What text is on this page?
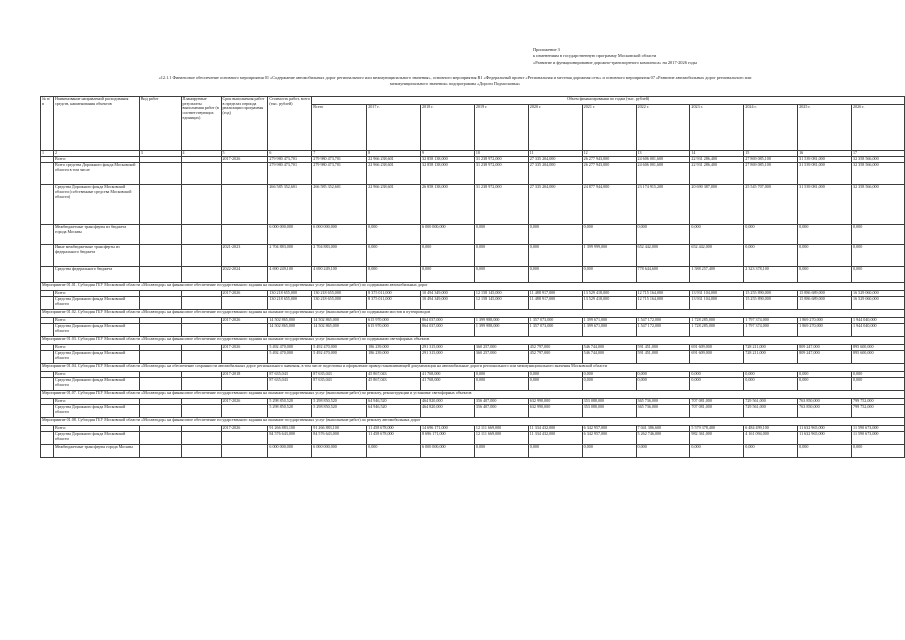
Приложение 3
к изменениям в государственную программу Московской области
«Развитие и функционирование дорожно-транспортного комплекса» на 2017-2026 годы
«12.1.1 Финансовое обеспечение основного мероприятия 01 «Содержание автомобильных дорог регионального или межмуниципального значения», основного мероприятия R1 «Федеральный проект «Региональная и местная дорожная сеть» и основного мероприятия 07 «Развитие автомобильных дорог регионального или
межмуниципального значения» подпрограммы «Дороги Подмосковья»
№ п/п	Наименование направлений расходования средств, наименования объектов	Вид работ	Планируемые результаты выполнения работ (в соответствующих единицах)	Срок выполнения работ в пределах периода реализации программы (год)	Стоимость работ, всего (тыс. рублей)	Объем финансирования по годам (тыс. рублей)										
						Всего	2017 г.	2018 г.	2019 г.	2020 г.	2021 г.	2022 г.	2023 г.	2024 г.	2025 г.	2026 г.
1	2	3	4	5	6	7	8	9	10	11	12	13	14	15	16	17
	Всего:			2017-2026	279 980 473,701	279 980 473,701	22 966 238,601	32 858 138,000	31 238 972,000	27 335 204,000	26 277 943,000	24 606 001,600	22 931 286,400	27 869 085,100	31 539 081,000	32 358 566,000
	Всего средства Дорожного фонда Московской области в том числе				279 980 473,701	279 980 473,701	22 966 238,601	32 858 138,000	31 238 972,000	27 335 204,000	26 277 943,000	24 606 001,600	22 931 286,400	27 869 085,100	31 539 081,000	32 358 566,000
	Средства Дорожного фонда Московской области (собственные средства Московской области)				266 585 352,601	266 585 352,601	22 966 238,601	26 858 138,000	31 238 972,000	27 335 204,000	24 877 944,000	23 174 915,200	20 690 387,000	25 545 707,000	31 539 081,000	32 358 566,000
	Межбюджетные трансферты из бюджета города Москвы				6 000 000,000	6 000 000,000	0,000	6 000 000,000	0,000	0,000	0,000	0,000	0,000	0,000	0,000	0,000
	Иные межбюджетные трансферты из федерального бюджета			2021-2023	2 704 883,000	2 704 883,000	0,000	0,000	0,000	0,000	1 399 999,000	652 442,000	652 442,000	0,000	0,000	0,000
	Средства федерального бюджета			2022-2024	4 690 249,100	4 690 249,100	0,000	0,000	0,000	0,000	0,000	778 644,600	1 588 257,400	2 323 378,100	0,000	0,000
Мероприятие 01.01. Субсидия ГБУ Московской области «Мосавтодор» на финансовое обеспечение государственного задания на оказание государственных услуг (выполнение работ) по содержанию автомобильных дорог																
	Всего:			2017-2026	130 218 655,000	130 218 655,000	8 375 011,000	10 494 349,000	12 158 145,000	11 488 917,000	13 529 418,000	12 715 164,000	13 931 104,000	15 255 890,000	15 886 689,000	16 529 060,000
	Средства Дорожного фонда Московской области				130 218 655,000	130 218 655,000	8 375 011,000	10 494 349,000	12 158 145,000	11 488 917,000	13 529 418,000	12 715 164,000	13 931 104,000	15 255 890,000	15 886 689,000	16 529 060,000
Мероприятие 01.02. Субсидия ГБУ Московской области «Мосавтодор» на финансовое обеспечение государственного задания на оказание государственных услуг (выполнение работ) по содержанию мостов и путепроводов																
	Всего:			2017-2026	14 502 865,000	14 502 865,000	615 970,000	864 037,000	1 399 988,000	1 357 073,000	1 399 671,000	1 547 172,000	1 728 285,000	1 797 374,000	1 869 270,000	1 944 040,000
	Средства Дорожного фонда Московской области				14 502 865,000	14 502 865,000	615 970,000	864 037,000	1 399 988,000	1 357 073,000	1 399 671,000	1 547 172,000	1 728 285,000	1 797 374,000	1 869 270,000	1 944 040,000
Мероприятие 01.03. Субсидия ГБУ Московской области «Мосавтодор» на финансовое обеспечение государственного задания на оказание государственных услуг (выполнение работ) по содержанию светофорных объектов																
	Всего:			2017-2026	5 492 470,000	5 492 470,000	186 239,000	291 315,000	360 257,000	452 797,000	546 744,000	591 451,000	691 609,000	728 211,000	809 247,000	895 600,000
	Средства Дорожного фонда Московской области				5 492 470,000	5 492 470,000	186 239,000	291 315,000	360 257,000	452 797,000	546 744,000	591 451,000	691 609,000	728 211,000	809 247,000	895 600,000
Мероприятие 01.04. Субсидия ГБУ Московской области «Мосавтодор» на обеспечение сохранности автомобильных дорог регионального значения, в том числе подготовка и оформление правоустанавливающей документации на автомобильные дороги регионального или межмуниципального значения Московской области																
	Всего:			2017-2018	87 635,043	87 635,043	45 867,043	41 768,000	0,000	0,000	0,000	0,000	0,000	0,000	0,000	0,000
	Средства Дорожного фонда Московской области				87 635,043	87 635,043	45 867,043	41 768,000	0,000	0,000	0,000	0,000	0,000	0,000	0,000	0,000
Мероприятие 01.07. Субсидия ГБУ Московской области «Мосавтодор» на финансовое обеспечение государственного задания на оказание государственных услуг (выполнение работ) по ремонту, реконструкции и установке светофорных объектов																
	Всего:			2017-2026	5 298 850,520	5 298 850,520	64 946,520	464 820,000	356 407,000	632 990,000	353 088,000	365 736,000	707 081,000	729 561,000	763 850,000	799 752,000
	Средства Дорожного фонда Московской области				5 298 850,520	5 298 850,520	64 946,520	464 820,000	356 407,000	632 990,000	353 088,000	365 736,000	707 081,000	729 561,000	763 850,000	799 752,000
Мероприятие 01.08. Субсидия ГБУ Московской области «Мосавтодор» на финансовое обеспечение государственного задания на оказание государственных услуг (выполнение работ) по ремонту автомобильных дорог																
	Всего:			2017-2026	91 266 883,100	91 266 883,100	11 458 678,000	14 696 171,000	12 111 669,000	11 334 432,000	6 342 957,000	7 041 386,600	5 579 378,400	6 484 499,100	11 632 965,000	11 590 673,000
	Средства Дорожного фонда Московской области				84 576 643,000	84 576 643,000	11 458 678,000	8 696 171,000	12 111 669,000	11 334 432,000	6 342 957,000	5 262 746,000	982 361,000	4 161 094,000	11 632 965,000	11 590 673,000
	Межбюджетные трансферты города Москвы				6 000 000,000	6 000 000,000	0,000	6 000 000,000	0,000	0,000	0,000	0,000	0,000	0,000	0,000	0,000
